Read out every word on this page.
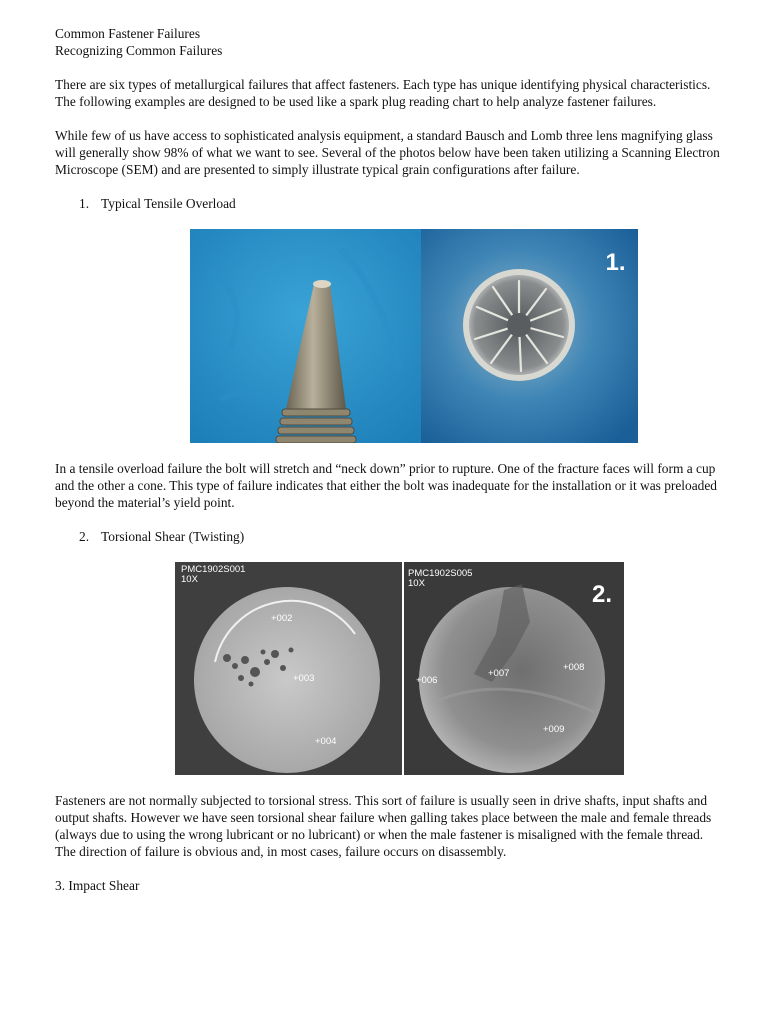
Common Fastener Failures

Recognizing Common Failures

There are six types of metallurgical failures that affect fasteners. Each type has unique identifying physical characteristics. The following examples are designed to be used like a spark plug reading chart to help analyze fastener failures.

While few of us have access to sophisticated analysis equipment, a standard Bausch and Lomb three lens magnifying glass will generally show 98% of what we want to see. Several of the photos below have been taken utilizing a Scanning Electron Microscope (SEM) and are presented to simply illustrate typical grain configurations after failure.

1. Typical Tensile Overload

1.

In a tensile overload failure the bolt will stretch and “neck down” prior to rupture. One of the fracture faces will form a cup and the other a cone. This type of failure indicates that either the bolt was inadequate for the installation or it was preloaded beyond the material’s yield point.

2. Torsional Shear (Twisting)

PMC1902S001
10X
+002
+003
+004
PMC1902S005
10X
+006
+007
+008
+009
2.

Fasteners are not normally subjected to torsional stress. This sort of failure is usually seen in drive shafts, input shafts and output shafts. However we have seen torsional shear failure when galling takes place between the male and female threads (always due to using the wrong lubricant or no lubricant) or when the male fastener is misaligned with the female thread. The direction of failure is obvious and, in most cases, failure occurs on disassembly.

3. Impact Shear
